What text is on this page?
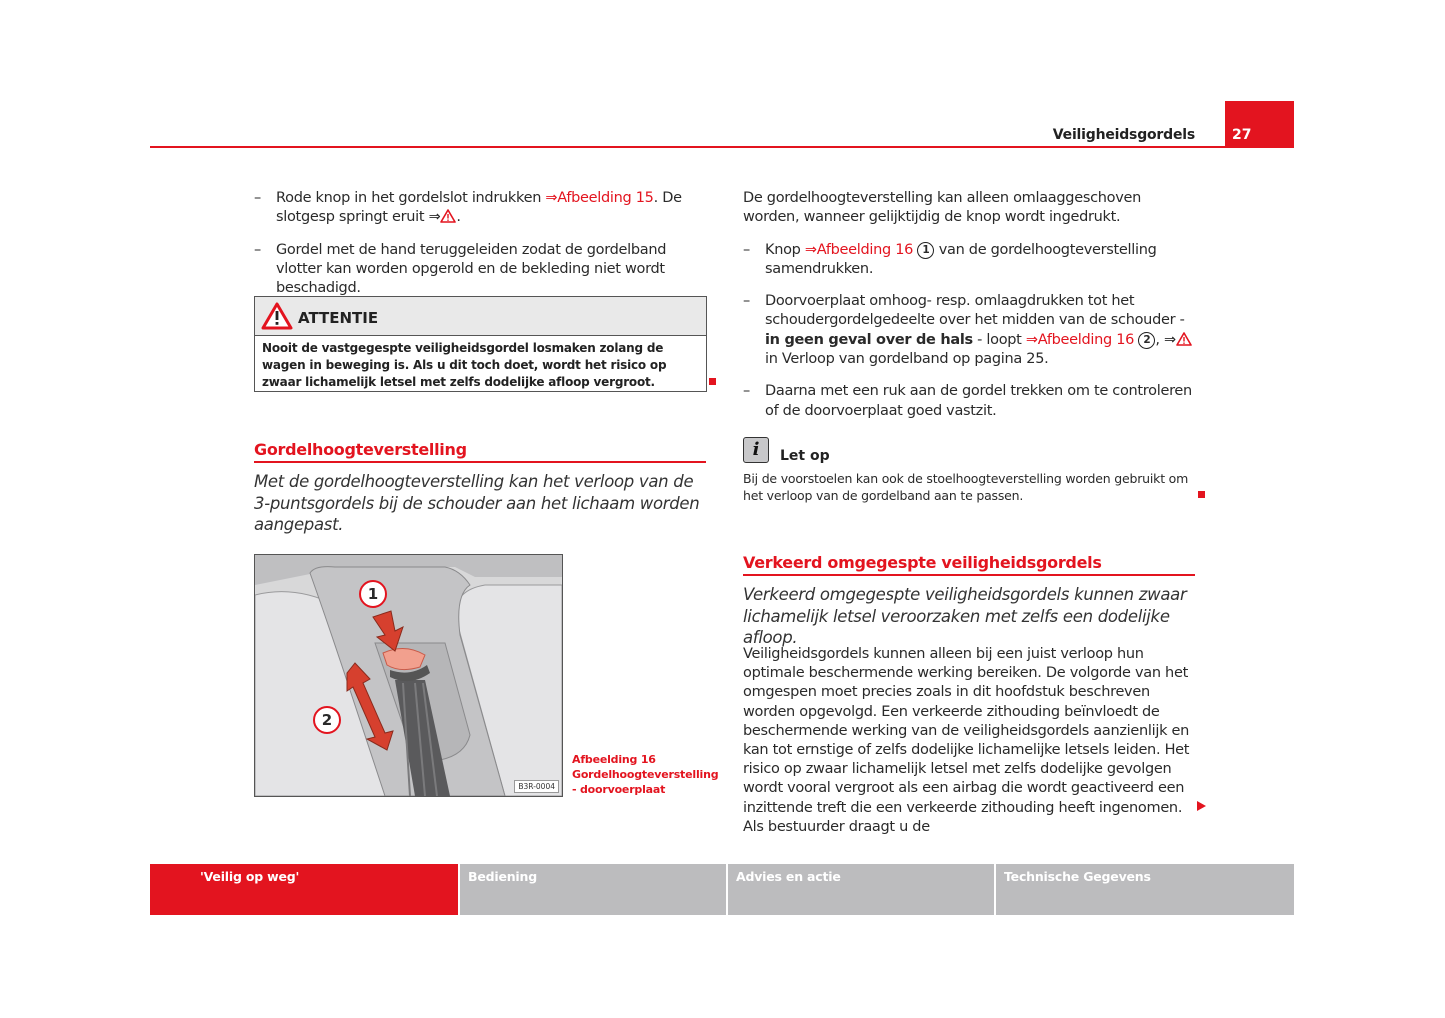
Veiligheidsgordels	27
– Rode knop in het gordelslot indrukken ⇒Afbeelding 15. De slotgesp springt eruit ⇒ .
– Gordel met de hand teruggeleiden zodat de gordelband vlotter kan worden opgerold en de bekleding niet wordt beschadigd.
ATTENTIE
Nooit de vastgegespte veiligheidsgordel losmaken zolang de wagen in beweging is. Als u dit toch doet, wordt het risico op zwaar lichamelijk letsel met zelfs dodelijke afloop vergroot.
Gordelhoogteverstelling
Met de gordelhoogteverstelling kan het verloop van de 3-puntsgordels bij de schouder aan het lichaam worden aangepast.
1
2
B3R-0004
Afbeelding 16 Gordelhoogteverstelling - doorvoerplaat
De gordelhoogteverstelling kan alleen omlaaggeschoven worden, wanneer gelijktijdig de knop wordt ingedrukt.
– Knop ⇒Afbeelding 16 1 van de gordelhoogteverstelling samendrukken.
– Doorvoerplaat omhoog- resp. omlaagdrukken tot het schoudergordelgedeelte over het midden van de schouder - in geen geval over de hals - loopt ⇒Afbeelding 16 2 , ⇒ in Verloop van gordelband op pagina 25.
– Daarna met een ruk aan de gordel trekken om te controleren of de doorvoerplaat goed vastzit.
i	Let op
Bij de voorstoelen kan ook de stoelhoogteverstelling worden gebruikt om het verloop van de gordelband aan te passen.
Verkeerd omgegespte veiligheidsgordels
Verkeerd omgegespte veiligheidsgordels kunnen zwaar lichamelijk letsel veroorzaken met zelfs een dodelijke afloop.
Veiligheidsgordels kunnen alleen bij een juist verloop hun optimale beschermende werking bereiken. De volgorde van het omgespen moet precies zoals in dit hoofdstuk beschreven worden opgevolgd. Een verkeerde zithouding beïnvloedt de beschermende werking van de veiligheidsgordels aanzienlijk en kan tot ernstige of zelfs dodelijke lichamelijke letsels leiden. Het risico op zwaar lichamelijk letsel met zelfs dodelijke gevolgen wordt vooral vergroot als een airbag die wordt geactiveerd een inzittende treft die een verkeerde zithouding heeft ingenomen. Als bestuurder draagt u de
'Veilig op weg'	Bediening	Advies en actie	Technische Gegevens
